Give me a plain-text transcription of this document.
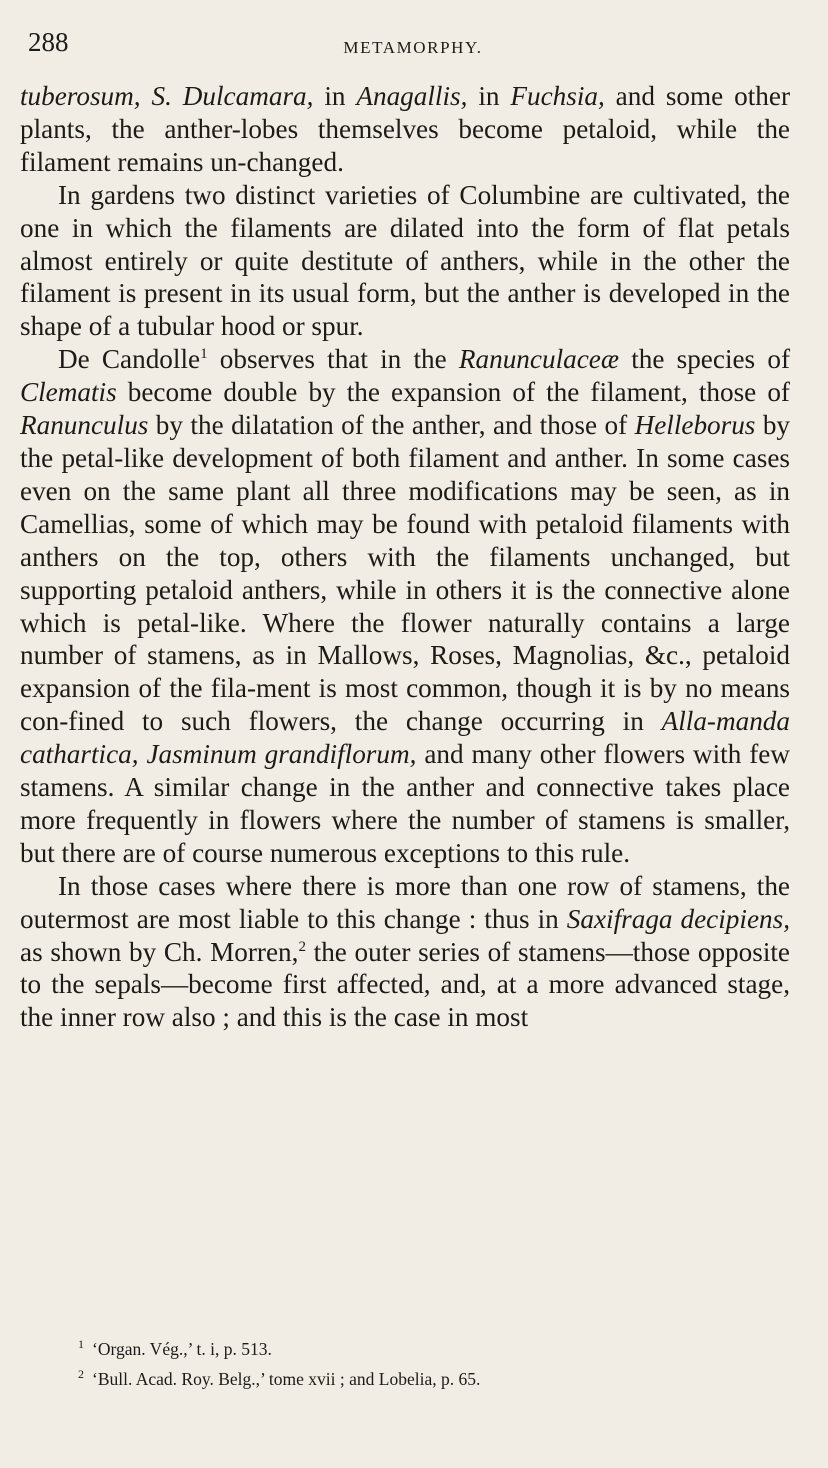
288	METAMORPHY.

tuberosum, S. Dulcamara, in Anagallis, in Fuchsia, and some other plants, the anther-lobes themselves become petaloid, while the filament remains un-changed.

In gardens two distinct varieties of Columbine are cultivated, the one in which the filaments are dilated into the form of flat petals almost entirely or quite destitute of anthers, while in the other the filament is present in its usual form, but the anther is developed in the shape of a tubular hood or spur.

De Candolle$^1$ observes that in the Ranunculaceæ the species of Clematis become double by the expansion of the filament, those of Ranunculus by the dilatation of the anther, and those of Helleborus by the petal-like development of both filament and anther. In some cases even on the same plant all three modifications may be seen, as in Camellias, some of which may be found with petaloid filaments with anthers on the top, others with the filaments unchanged, but supporting petaloid anthers, while in others it is the connective alone which is petal-like. Where the flower naturally contains a large number of stamens, as in Mallows, Roses, Magnolias, &c., petaloid expansion of the fila-ment is most common, though it is by no means con-fined to such flowers, the change occurring in Alla-manda cathartica, Jasminum grandiflorum, and many other flowers with few stamens. A similar change in the anther and connective takes place more frequently in flowers where the number of stamens is smaller, but there are of course numerous exceptions to this rule.

In those cases where there is more than one row of stamens, the outermost are most liable to this change : thus in Saxifraga decipiens, as shown by Ch. Morren,$^2$ the outer series of stamens—those opposite to the sepals—become first affected, and, at a more advanced stage, the inner row also ; and this is the case in most

$^1$ ‘Organ. Vég.,’ t. i, p. 513.

$^2$ ‘Bull. Acad. Roy. Belg.,’ tome xvii ; and Lobelia, p. 65.
